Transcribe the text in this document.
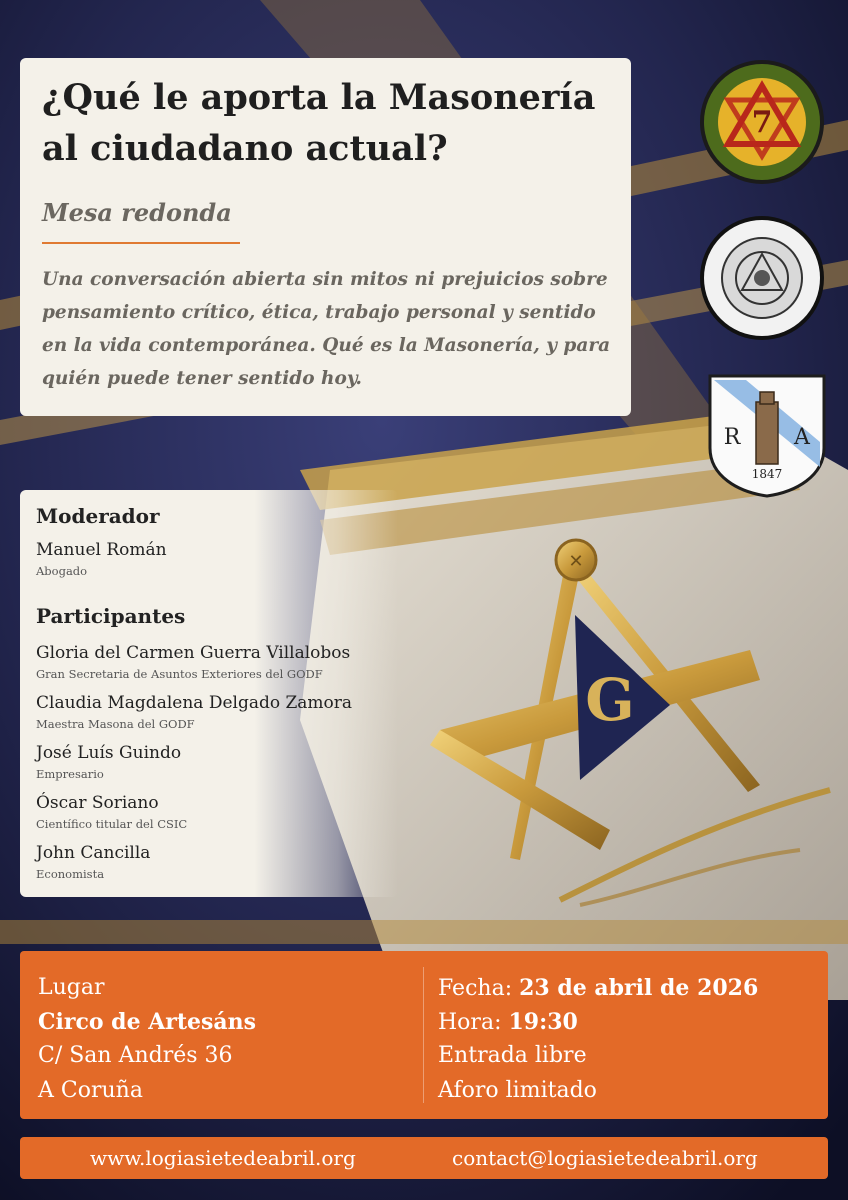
✕
G
7
R A
1847
¿Qué le aporta la Masonería al ciudadano actual?
Mesa redonda

Una conversación abierta sin mitos ni prejuicios sobre pensamiento crítico, ética, trabajo personal y sentido en la vida contemporánea. Qué es la Masonería, y para quién puede tener sentido hoy.

Moderador
Manuel Román
Abogado
Participantes
Gloria del Carmen Guerra Villalobos
Gran Secretaria de Asuntos Exteriores del GODF
Claudia Magdalena Delgado Zamora
Maestra Masona del GODF
José Luís Guindo
Empresario
Óscar Soriano
Científico titular del CSIC
John Cancilla
Economista
Lugar
Circo de Artesáns
C/ San Andrés 36
A Coruña
Fecha: 23 de abril de 2026
Hora: 19:30
Entrada libre
Aforo limitado
www.logiasietedeabril.org	contact@logiasietedeabril.org
